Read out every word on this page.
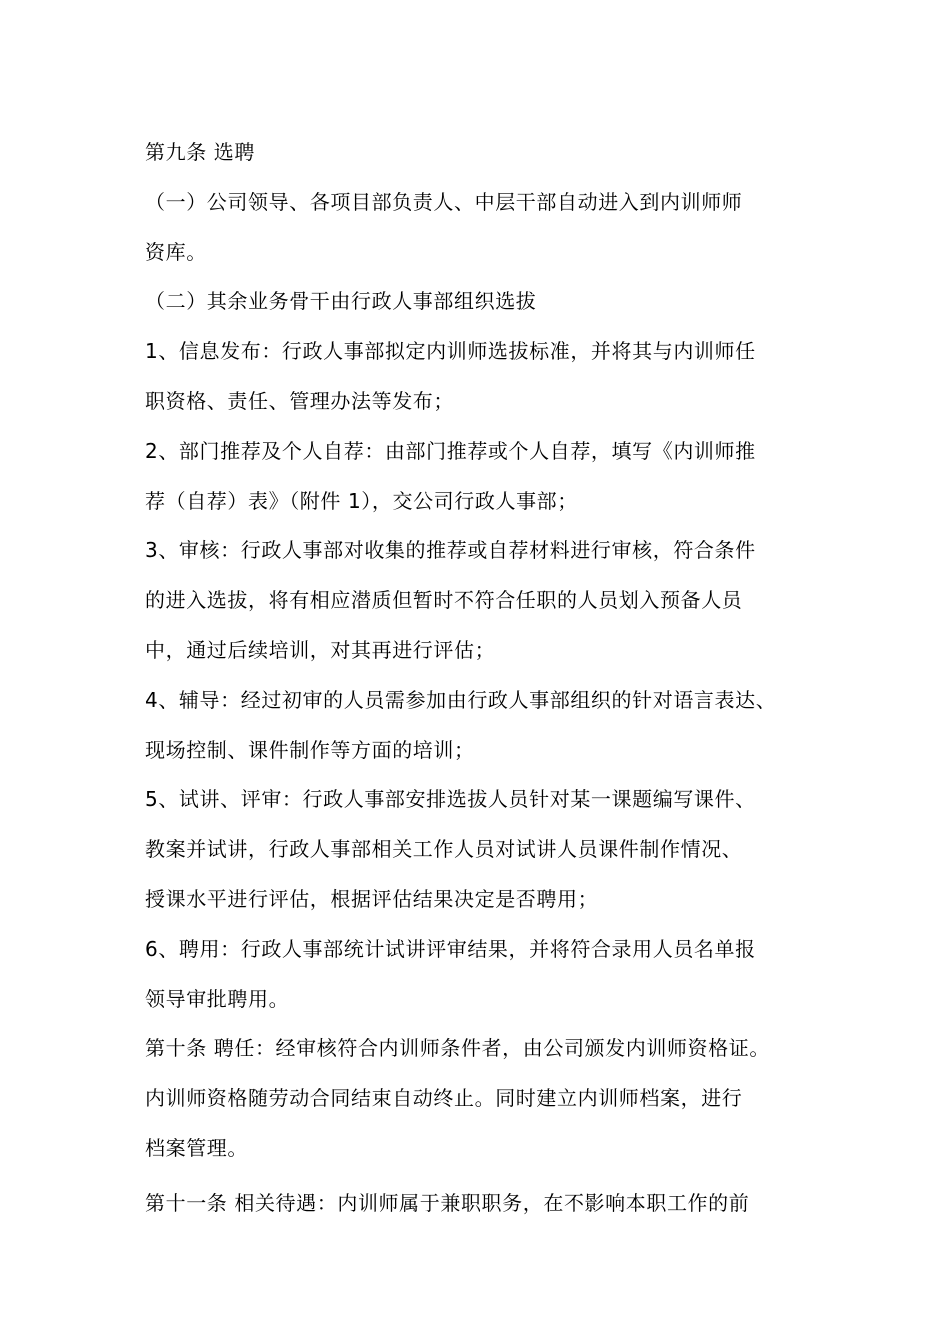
第九条 选聘
（一）公司领导、各项目部负责人、中层干部自动进入到内训师师
资库。
（二）其余业务骨干由行政人事部组织选拔
1、信息发布：行政人事部拟定内训师选拔标准，并将其与内训师任
职资格、责任、管理办法等发布；
2、部门推荐及个人自荐：由部门推荐或个人自荐，填写《内训师推
荐（自荐）表》（附件 1），交公司行政人事部；
3、审核：行政人事部对收集的推荐或自荐材料进行审核，符合条件
的进入选拔，将有相应潜质但暂时不符合任职的人员划入预备人员
中，通过后续培训，对其再进行评估；
4、辅导：经过初审的人员需参加由行政人事部组织的针对语言表达、
现场控制、课件制作等方面的培训；
5、试讲、评审：行政人事部安排选拔人员针对某一课题编写课件、
教案并试讲，行政人事部相关工作人员对试讲人员课件制作情况、
授课水平进行评估，根据评估结果决定是否聘用；
6、聘用：行政人事部统计试讲评审结果，并将符合录用人员名单报
领导审批聘用。
第十条 聘任：经审核符合内训师条件者，由公司颁发内训师资格证。
内训师资格随劳动合同结束自动终止。同时建立内训师档案，进行
档案管理。
第十一条 相关待遇：内训师属于兼职职务，在不影响本职工作的前
